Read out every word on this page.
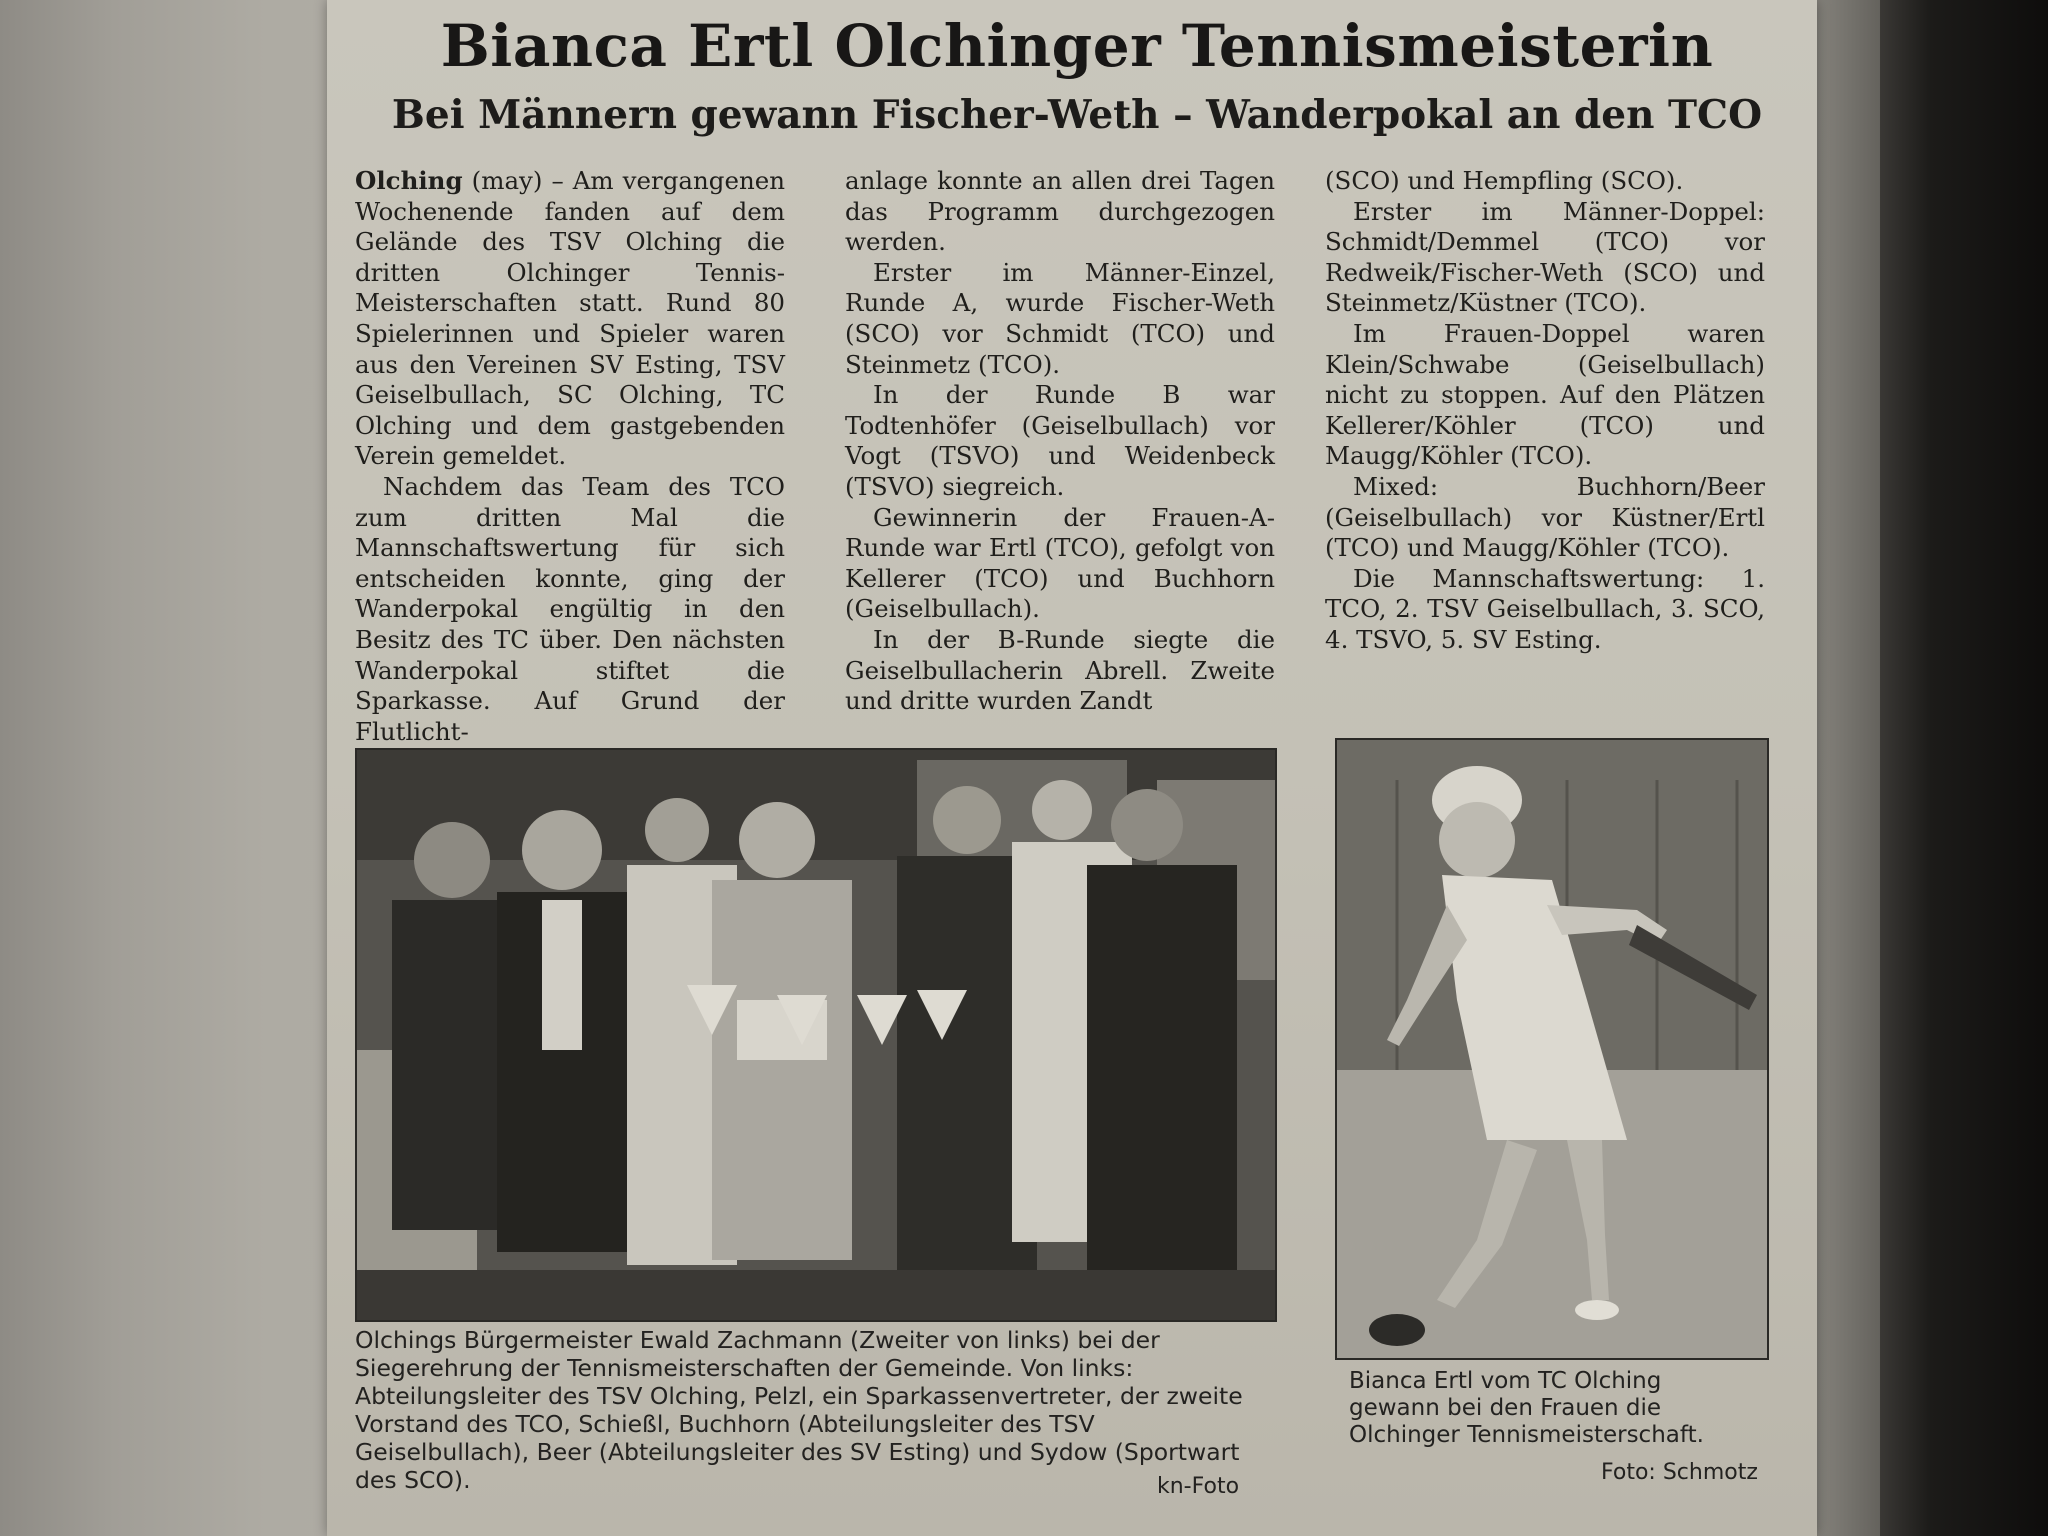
Bianca Ertl Olchinger Tennismeisterin
Bei Männern gewann Fischer-Weth – Wanderpokal an den TCO

Olching (may) – Am vergangenen Wochenende fanden auf dem Gelände des TSV Olching die dritten Olchinger Tennis-Meisterschaften statt. Rund 80 Spielerinnen und Spieler waren aus den Vereinen SV Esting, TSV Geiselbullach, SC Olching, TC Olching und dem gastgebenden Verein gemeldet.

Nachdem das Team des TCO zum dritten Mal die Mannschaftswertung für sich entscheiden konnte, ging der Wanderpokal engültig in den Besitz des TC über. Den nächsten Wanderpokal stiftet die Sparkasse. Auf Grund der Flutlicht-

anlage konnte an allen drei Tagen das Programm durchgezogen werden.

Erster im Männer-Einzel, Runde A, wurde Fischer-Weth (SCO) vor Schmidt (TCO) und Steinmetz (TCO).

In der Runde B war Todtenhöfer (Geiselbullach) vor Vogt (TSVO) und Weidenbeck (TSVO) siegreich.

Gewinnerin der Frauen-A-Runde war Ertl (TCO), gefolgt von Kellerer (TCO) und Buchhorn (Geiselbullach).

In der B-Runde siegte die Geiselbullacherin Abrell. Zweite und dritte wurden Zandt

(SCO) und Hempfling (SCO).

Erster im Männer-Doppel: Schmidt/Demmel (TCO) vor Redweik/Fischer-Weth (SCO) und Steinmetz/Küstner (TCO).

Im Frauen-Doppel waren Klein/Schwabe (Geiselbullach) nicht zu stoppen. Auf den Plätzen Kellerer/Köhler (TCO) und Maugg/Köhler (TCO).

Mixed: Buchhorn/Beer (Geiselbullach) vor Küstner/Ertl (TCO) und Maugg/Köhler (TCO).

Die Mannschaftswertung: 1. TCO, 2. TSV Geiselbullach, 3. SCO, 4. TSVO, 5. SV Esting.

Olchings Bürgermeister Ewald Zachmann (Zweiter von links) bei der Siegerehrung der Tennismeisterschaften der Gemeinde. Von links: Abteilungsleiter des TSV Olching, Pelzl, ein Sparkassenvertreter, der zweite Vorstand des TCO, Schießl, Buchhorn (Abteilungsleiter des TSV Geiselbullach), Beer (Abteilungsleiter des SV Esting) und Sydow (Sportwart des SCO).	kn-Foto
Bianca Ertl vom TC Olching gewann bei den Frauen die Olchinger Tennismeisterschaft.
Foto: Schmotz
